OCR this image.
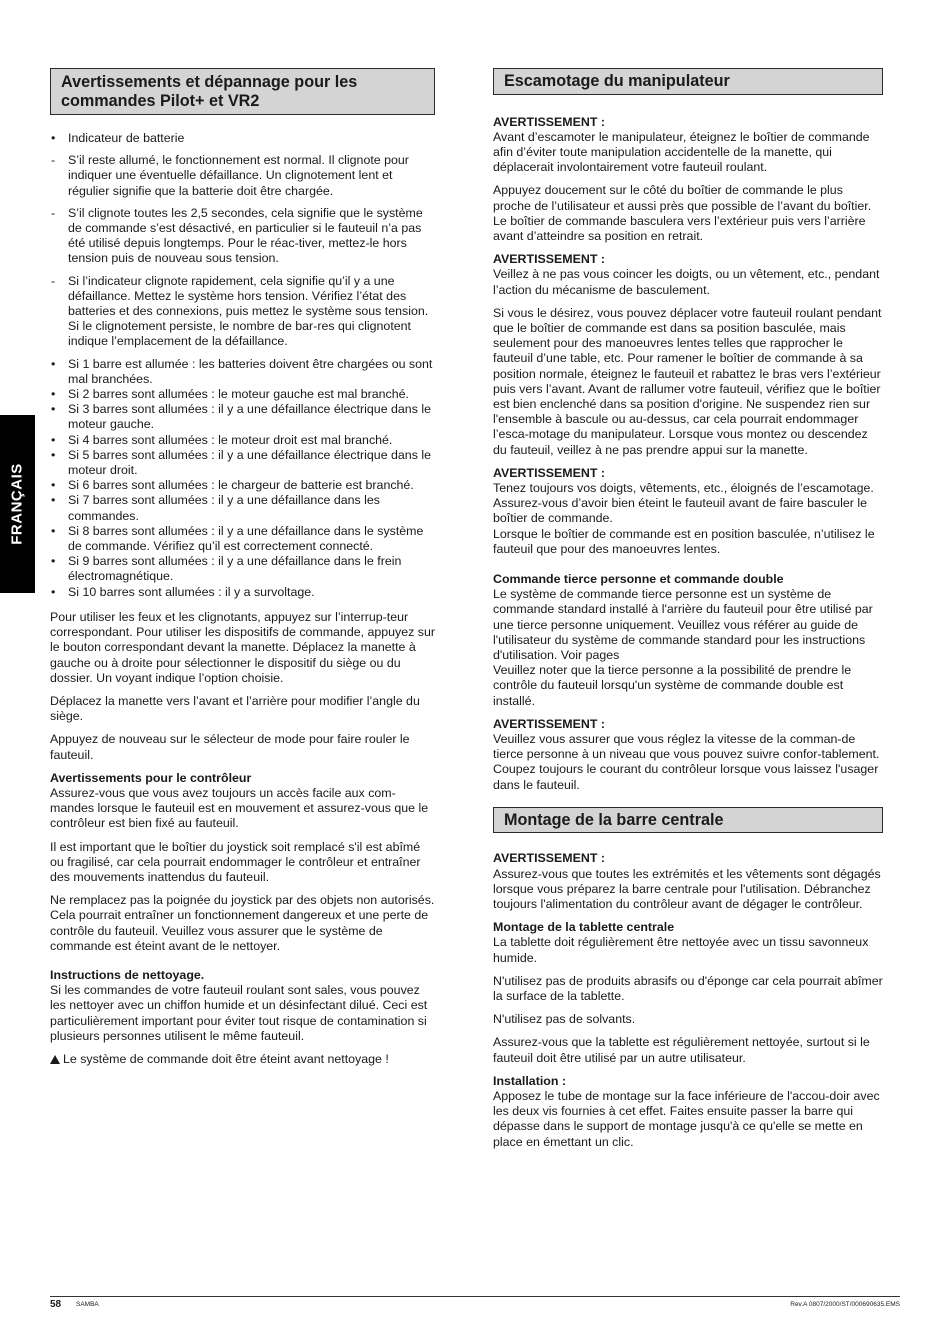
FRANÇAIS
Avertissements et dépannage pour les commandes Pilot+ et VR2
• Indicateur de batterie
- S’il reste allumé, le fonctionnement est normal. Il clignote pour indiquer une éventuelle défaillance. Un clignotement lent et régulier signifie que la batterie doit être chargée.
- S’il clignote toutes les 2,5 secondes, cela signifie que le système de commande s’est désactivé, en particulier si le fauteuil n’a pas été utilisé depuis longtemps. Pour le réac-tiver, mettez-le hors tension puis de nouveau sous tension.
- Si l’indicateur clignote rapidement, cela signifie qu’il y a une défaillance. Mettez le système hors tension. Vérifiez l’état des batteries et des connexions, puis mettez le système sous tension. Si le clignotement persiste, le nombre de bar-res qui clignotent indique l’emplacement de la défaillance.
• Si 1 barre est allumée : les batteries doivent être chargées ou sont mal branchées.
• Si 2 barres sont allumées : le moteur gauche est mal branché.
• Si 3 barres sont allumées : il y a une défaillance électrique dans le moteur gauche.
• Si 4 barres sont allumées : le moteur droit est mal branché.
• Si 5 barres sont allumées : il y a une défaillance électrique dans le moteur droit.
• Si 6 barres sont allumées : le chargeur de batterie est branché.
• Si 7 barres sont allumées : il y a une défaillance dans les commandes.
• Si 8 barres sont allumées : il y a une défaillance dans le système de commande. Vérifiez qu’il est correctement connecté.
• Si 9 barres sont allumées : il y a une défaillance dans le frein électromagnétique.
• Si 10 barres sont allumées : il y a survoltage.

Pour utiliser les feux et les clignotants, appuyez sur l’interrup-teur correspondant. Pour utiliser les dispositifs de commande, appuyez sur le bouton correspondant devant la manette. Déplacez la manette à gauche ou à droite pour sélectionner le dispositif du siège ou du dossier. Un voyant indique l’option choisie.

Déplacez la manette vers l’avant et l’arrière pour modifier l’angle du siège.

Appuyez de nouveau sur le sélecteur de mode pour faire rouler le fauteuil.

Avertissements pour le contrôleur

Assurez-vous que vous avez toujours un accès facile aux com-mandes lorsque le fauteuil est en mouvement et assurez-vous que le contrôleur est bien fixé au fauteuil.

Il est important que le boîtier du joystick soit remplacé s'il est abîmé ou fragilisé, car cela pourrait endommager le contrôleur et entraîner des mouvements inattendus du fauteuil.

Ne remplacez pas la poignée du joystick par des objets non autorisés. Cela pourrait entraîner un fonctionnement dangereux et une perte de contrôle du fauteuil. Veuillez vous assurer que le système de commande est éteint avant de le nettoyer.

Instructions de nettoyage.

Si les commandes de votre fauteuil roulant sont sales, vous pouvez les nettoyer avec un chiffon humide et un désinfectant dilué. Ceci est particulièrement important pour éviter tout risque de contamination si plusieurs personnes utilisent le même fauteuil.

Le système de commande doit être éteint avant nettoyage !

Escamotage du manipulateur
AVERTISSEMENT :

Avant d’escamoter le manipulateur, éteignez le boîtier de commande afin d’éviter toute manipulation accidentelle de la manette, qui déplacerait involontairement votre fauteuil roulant.

Appuyez doucement sur le côté du boîtier de commande le plus proche de l’utilisateur et aussi près que possible de l’avant du boîtier. Le boîtier de commande basculera vers l’extérieur puis vers l’arrière avant d’atteindre sa position en retrait.

AVERTISSEMENT :

Veillez à ne pas vous coincer les doigts, ou un vêtement, etc., pendant l’action du mécanisme de basculement.

Si vous le désirez, vous pouvez déplacer votre fauteuil roulant pendant que le boîtier de commande est dans sa position basculée, mais seulement pour des manoeuvres lentes telles que rapprocher le fauteuil d’une table, etc. Pour ramener le boîtier de commande à sa position normale, éteignez le fauteuil et rabattez le bras vers l’extérieur puis vers l’avant. Avant de rallumer votre fauteuil, vérifiez que le boîtier est bien enclenché dans sa position d'origine. Ne suspendez rien sur l'ensemble à bascule ou au-dessus, car cela pourrait endommager l’esca-motage du manipulateur. Lorsque vous montez ou descendez du fauteuil, veillez à ne pas prendre appui sur la manette.

AVERTISSEMENT :
Tenez toujours vos doigts, vêtements, etc., éloignés de l’escamotage.
Assurez-vous d’avoir bien éteint le fauteuil avant de faire basculer le boîtier de commande.
Lorsque le boîtier de commande est en position basculée, n’utilisez le fauteuil que pour des manoeuvres lentes.
Commande tierce personne et commande double
Le système de commande tierce personne est un système de commande standard installé à l'arrière du fauteuil pour être utilisé par une tierce personne uniquement. Veuillez vous référer au guide de l'utilisateur du système de commande standard pour les instructions d'utilisation. Voir pages

Veuillez noter que la tierce personne a la possibilité de prendre le contrôle du fauteuil lorsqu'un système de commande double est installé.

AVERTISSEMENT :

Veuillez vous assurer que vous réglez la vitesse de la comman-de tierce personne à un niveau que vous pouvez suivre confor-tablement. Coupez toujours le courant du contrôleur lorsque vous laissez l'usager dans le fauteuil.

Montage de la barre centrale
AVERTISSEMENT :

Assurez-vous que toutes les extrémités et les vêtements sont dégagés lorsque vous préparez la barre centrale pour l'utilisation. Débranchez toujours l'alimentation du contrôleur avant de dégager le contrôleur.

Montage de la tablette centrale

La tablette doit régulièrement être nettoyée avec un tissu savonneux humide.

N'utilisez pas de produits abrasifs ou d'éponge car cela pourrait abîmer la surface de la tablette.

N'utilisez pas de solvants.

Assurez-vous que la tablette est régulièrement nettoyée, surtout si le fauteuil doit être utilisé par un autre utilisateur.

Installation :

Apposez le tube de montage sur la face inférieure de l'accou-doir avec les deux vis fournies à cet effet. Faites ensuite passer la barre qui dépasse dans le support de montage jusqu'à ce qu'elle se mette en place en émettant un clic.

58 SAMBA	Rev.A 0807/2000/ST/000690635.EMS
